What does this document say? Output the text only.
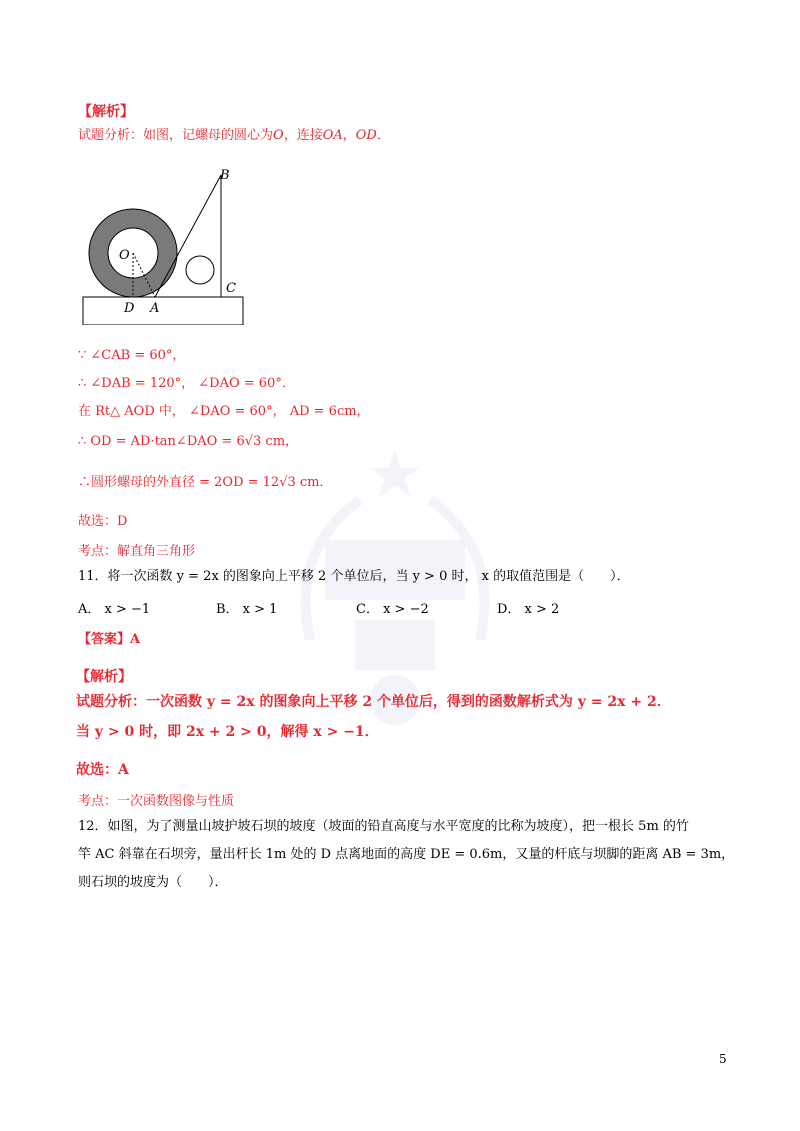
【解析】
试题分析：如图，记螺母的圆心为O，连接OA，OD．
B
O
C
D A
∵ ∠CAB = 60°，
∴ ∠DAB = 120°， ∠DAO = 60°．
在 Rt△ AOD 中， ∠DAO = 60°， AD = 6cm，
∴ OD = AD·tan∠DAO = 6√3 cm，
∴圆形螺母的外直径 = 2OD = 12√3 cm．
故选：D
考点：解直角三角形
11．将一次函数 y = 2x 的图象向上平移 2 个单位后，当 y > 0 时， x 的取值范围是（　　）．
A． x > −1	B． x > 1	C． x > −2	D． x > 2
【答案】A
【解析】
试题分析：一次函数 y = 2x 的图象向上平移 2 个单位后，得到的函数解析式为 y = 2x + 2．
当 y > 0 时，即 2x + 2 > 0，解得 x > −1．
故选：A
考点：一次函数图像与性质
12．如图，为了测量山坡护坡石坝的坡度（坡面的铅直高度与水平宽度的比称为坡度），把一根长 5m 的竹
竿 AC 斜靠在石坝旁，量出杆长 1m 处的 D 点离地面的高度 DE = 0.6m，又量的杆底与坝脚的距离 AB = 3m，
则石坝的坡度为（　　）．
5
